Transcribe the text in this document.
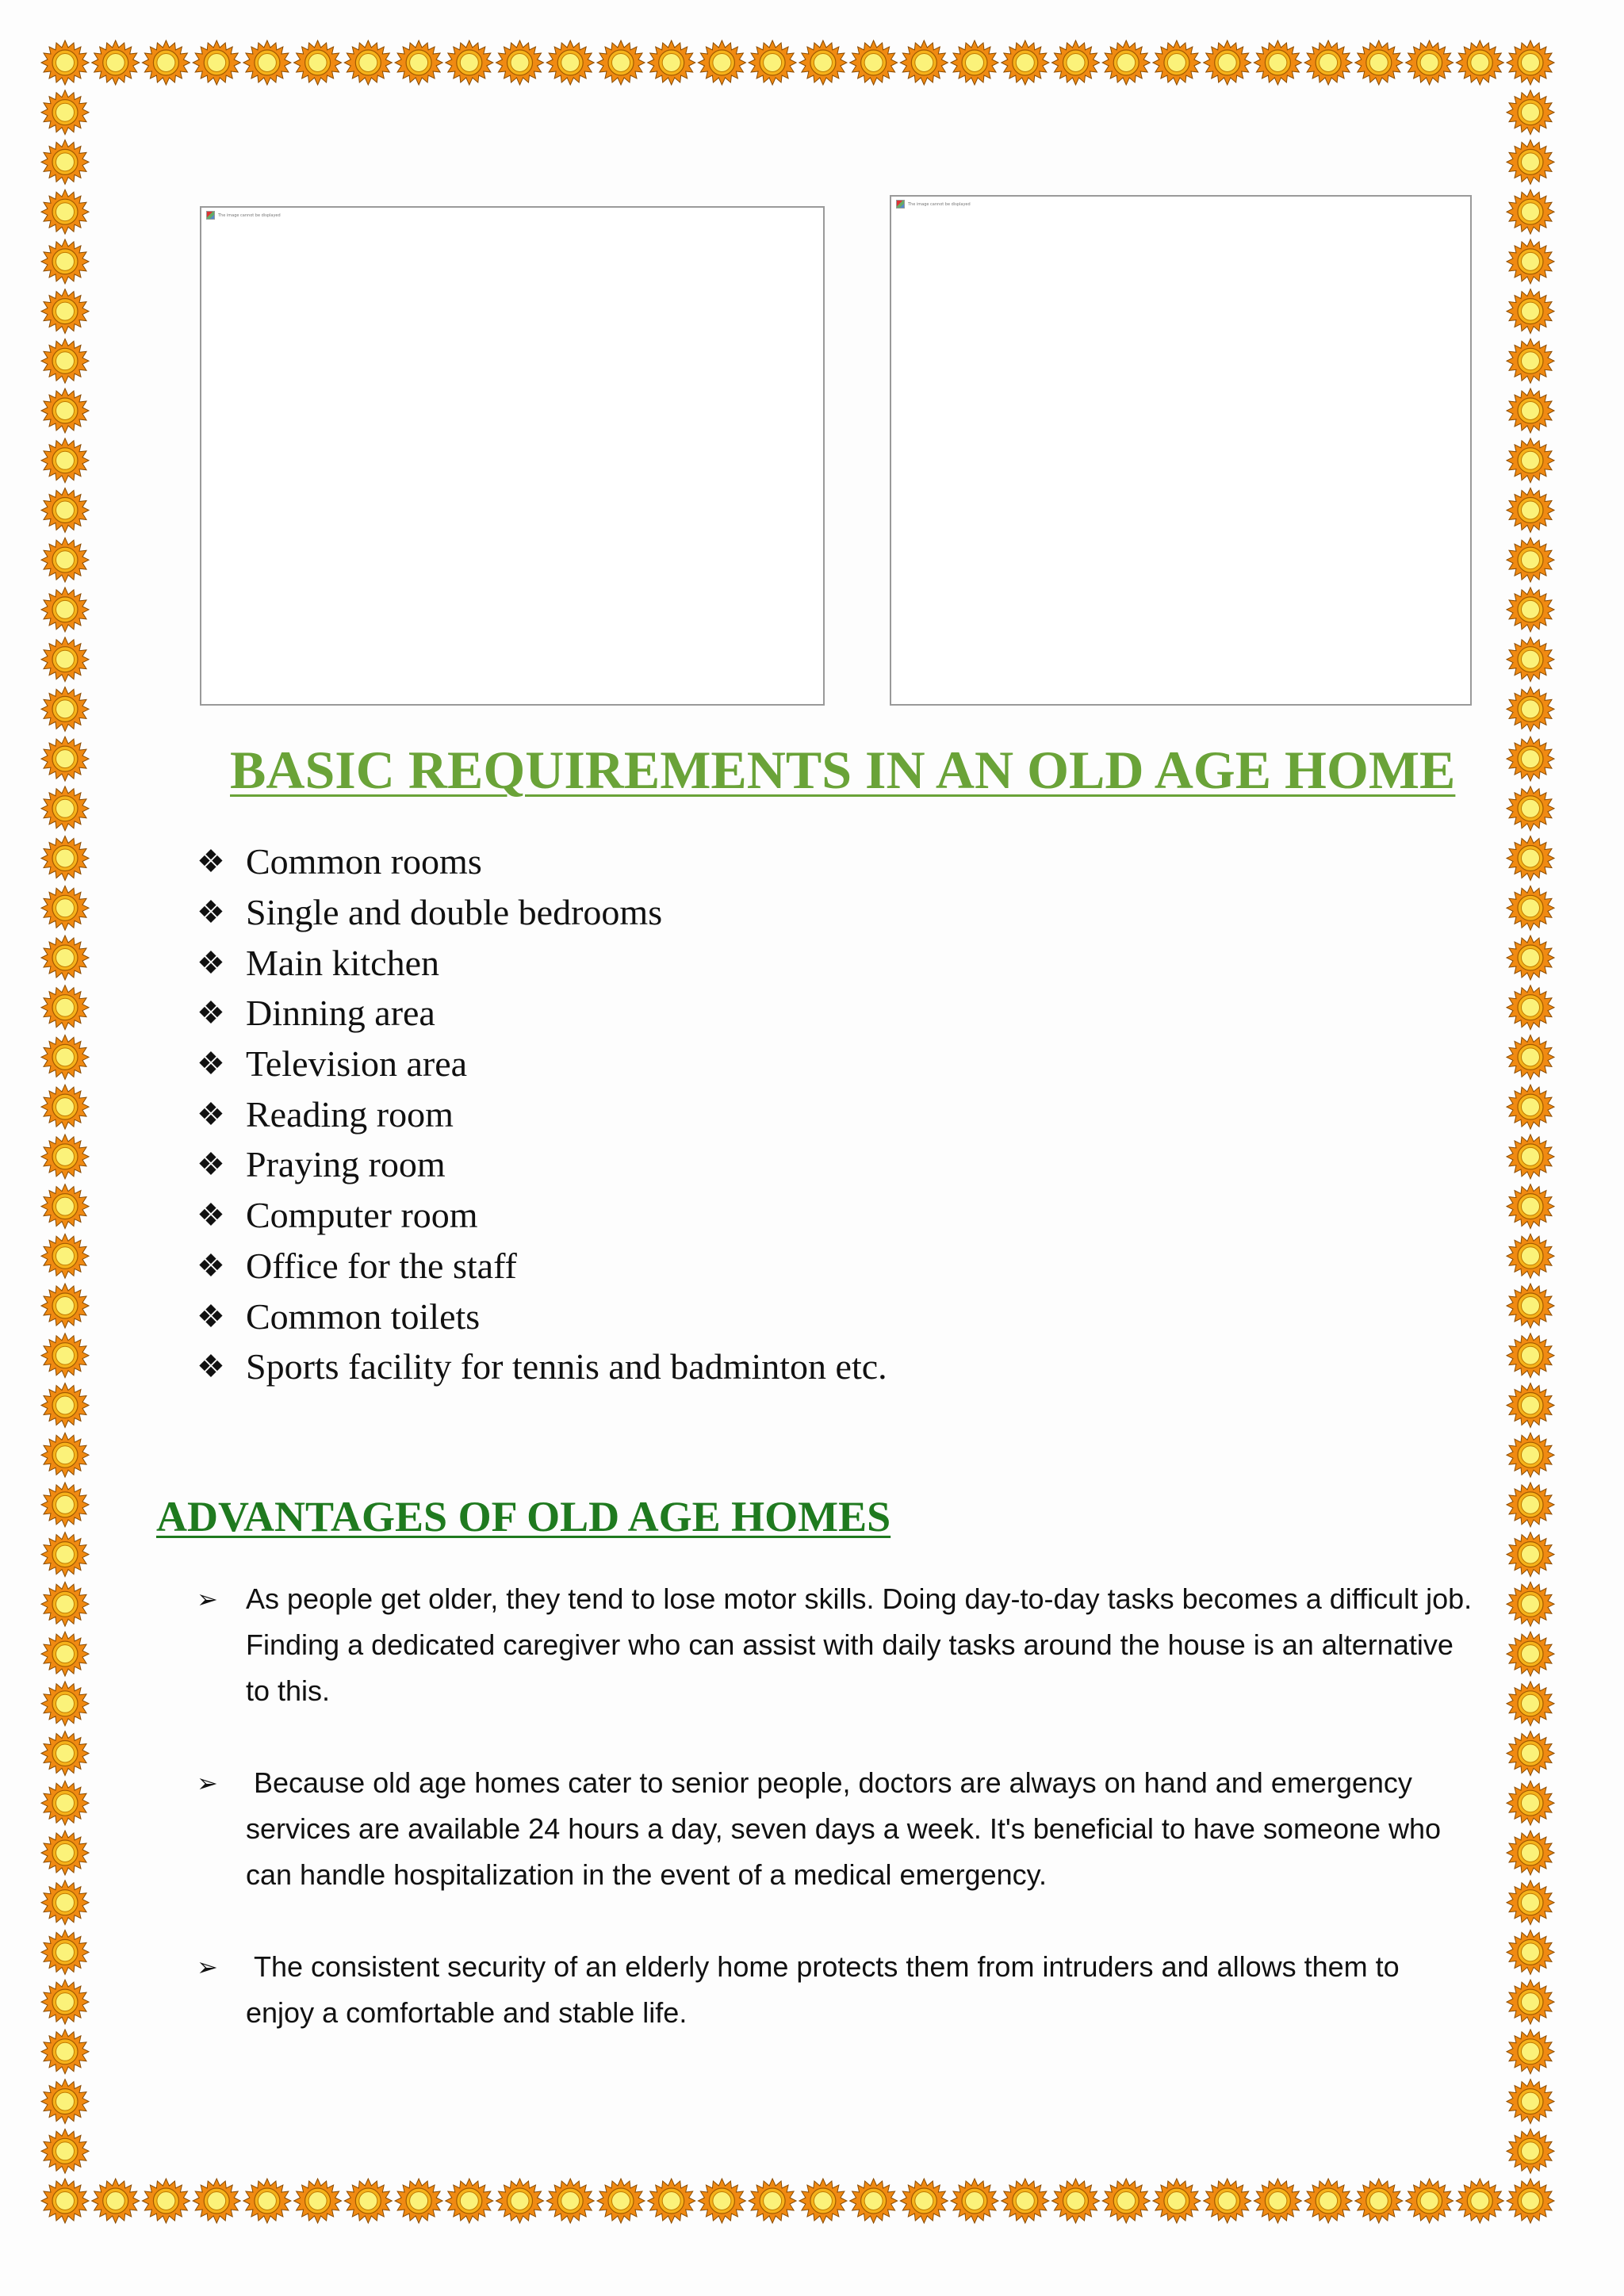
The image cannot be displayed
The image cannot be displayed
BASIC REQUIREMENTS IN AN OLD AGE HOME
❖ Common rooms
❖ Single and double bedrooms
❖ Main kitchen
❖ Dinning area
❖ Television area
❖ Reading room
❖ Praying room
❖ Computer room
❖ Office for the staff
❖ Common toilets
❖ Sports facility for tennis and badminton etc.
ADVANTAGES OF OLD AGE HOMES
➢ As people get older, they tend to lose motor skills. Doing day-to-day tasks becomes a difficult job. Finding a dedicated caregiver who can assist with daily tasks around the house is an alternative to this.
➢ Because old age homes cater to senior people, doctors are always on hand and emergency services are available 24 hours a day, seven days a week. It's beneficial to have someone who can handle hospitalization in the event of a medical emergency.
➢ The consistent security of an elderly home protects them from intruders and allows them to enjoy a comfortable and stable life.
